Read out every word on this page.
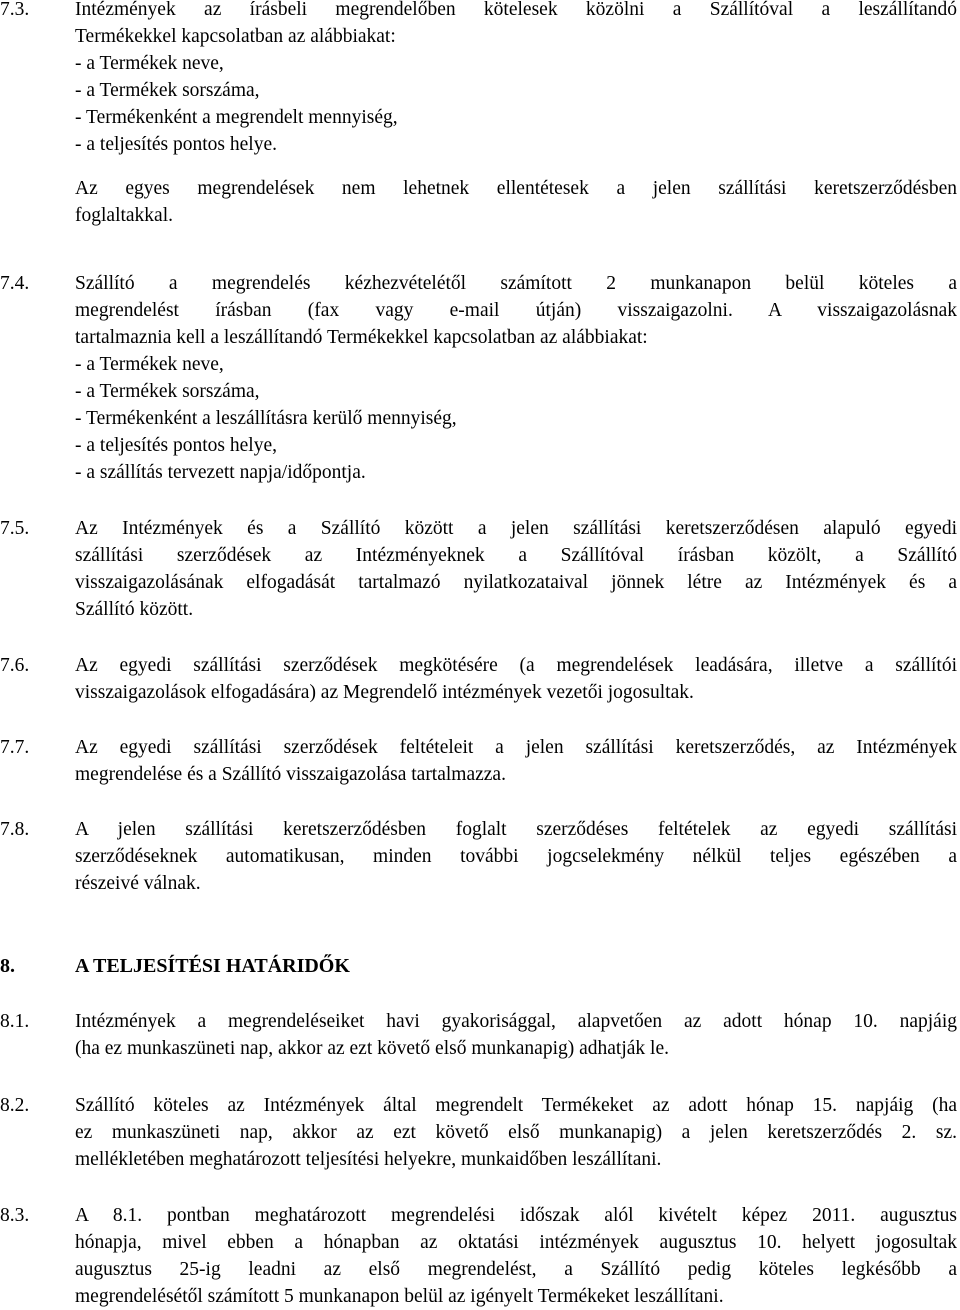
7.3. Intézmények az írásbeli megrendelőben kötelesek közölni a Szállítóval a leszállítandó
Termékekkel kapcsolatban az alábbiakat:
- a Termékek neve,
- a Termékek sorszáma,
- Termékenként a megrendelt mennyiség,
- a teljesítés pontos helye.
Az egyes megrendelések nem lehetnek ellentétesek a jelen szállítási keretszerződésben
foglaltakkal.
7.4. Szállító a megrendelés kézhezvételétől számított 2 munkanapon belül köteles a
megrendelést írásban (fax vagy e-mail útján) visszaigazolni. A visszaigazolásnak
tartalmaznia kell a leszállítandó Termékekkel kapcsolatban az alábbiakat:
- a Termékek neve,
- a Termékek sorszáma,
- Termékenként a leszállításra kerülő mennyiség,
- a teljesítés pontos helye,
- a szállítás tervezett napja/időpontja.
7.5. Az Intézmények és a Szállító között a jelen szállítási keretszerződésen alapuló egyedi
szállítási szerződések az Intézményeknek a Szállítóval írásban közölt, a Szállító
visszaigazolásának elfogadását tartalmazó nyilatkozataival jönnek létre az Intézmények és a
Szállító között.
7.6. Az egyedi szállítási szerződések megkötésére (a megrendelések leadására, illetve a szállítói
visszaigazolások elfogadására) az Megrendelő intézmények vezetői jogosultak.
7.7. Az egyedi szállítási szerződések feltételeit a jelen szállítási keretszerződés, az Intézmények
megrendelése és a Szállító visszaigazolása tartalmazza.
7.8. A jelen szállítási keretszerződésben foglalt szerződéses feltételek az egyedi szállítási
szerződéseknek automatikusan, minden további jogcselekmény nélkül teljes egészében a
részeivé válnak.
8.	A TELJESÍTÉSI HATÁRIDŐK
8.1. Intézmények a megrendeléseiket havi gyakorisággal, alapvetően az adott hónap 10. napjáig
(ha ez munkaszüneti nap, akkor az ezt követő első munkanapig) adhatják le.
8.2. Szállító köteles az Intézmények által megrendelt Termékeket az adott hónap 15. napjáig (ha
ez munkaszüneti nap, akkor az ezt követő első munkanapig) a jelen keretszerződés 2. sz.
mellékletében meghatározott teljesítési helyekre, munkaidőben leszállítani.
8.3. A 8.1. pontban meghatározott megrendelési időszak alól kivételt képez 2011. augusztus
hónapja, mivel ebben a hónapban az oktatási intézmények augusztus 10. helyett jogosultak
augusztus 25-ig leadni az első megrendelést, a Szállító pedig köteles legkésőbb a
megrendelésétől számított 5 munkanapon belül az igényelt Termékeket leszállítani.
